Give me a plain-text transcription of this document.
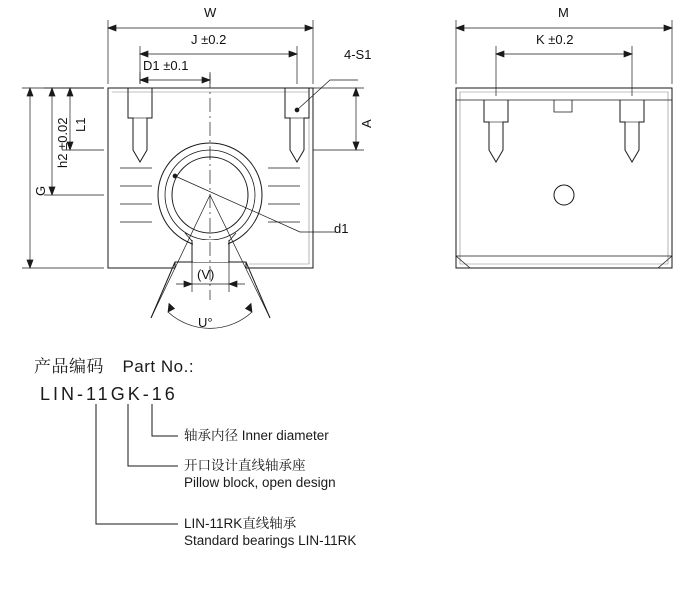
W
J ±0.2
D1 ±0.1
4-S1
A
L1
h2 ±0.02
G
d1
(V)
U°
M
K ±0.2
产品编码 Part No.:
LIN-11GK-16
轴承内径 Inner diameter
开口设计直线轴承座
Pillow block, open design
LIN-11RK直线轴承
Standard bearings LIN-11RK
